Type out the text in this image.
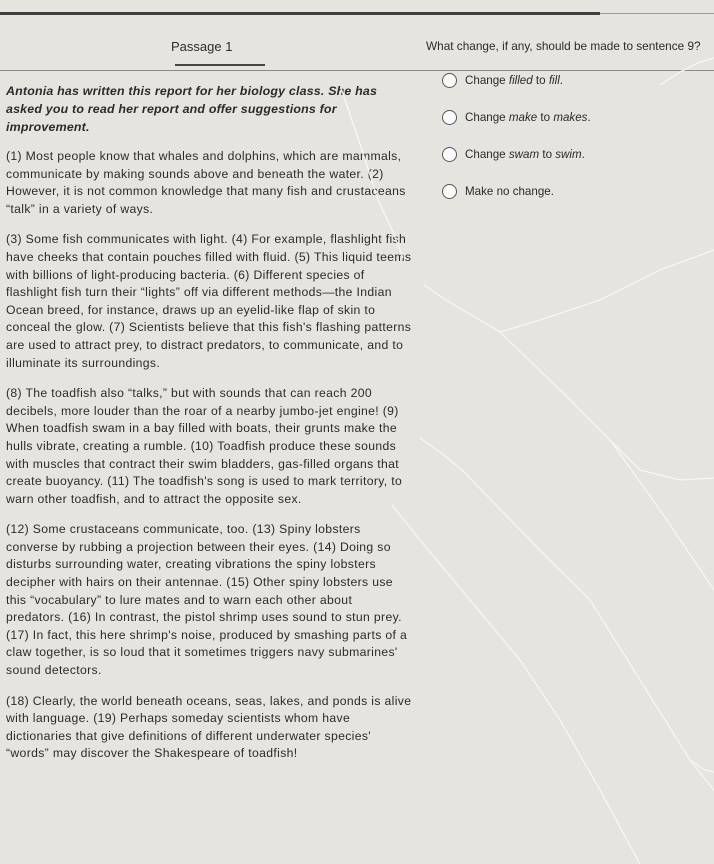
Passage 1

Antonia has written this report for her biology class. She has asked you to read her report and offer suggestions for improvement.

(1) Most people know that whales and dolphins, which are mammals, communicate by making sounds above and beneath the water. (2) However, it is not common knowledge that many fish and crustaceans “talk” in a variety of ways.

(3) Some fish communicates with light. (4) For example, flashlight fish have cheeks that contain pouches filled with fluid. (5) This liquid teems with billions of light-producing bacteria. (6) Different species of flashlight fish turn their “lights” off via different methods—the Indian Ocean breed, for instance, draws up an eyelid-like flap of skin to conceal the glow. (7) Scientists believe that this fish's flashing patterns are used to attract prey, to distract predators, to communicate, and to illuminate its surroundings.

(8) The toadfish also “talks,” but with sounds that can reach 200 decibels, more louder than the roar of a nearby jumbo-jet engine! (9) When toadfish swam in a bay filled with boats, their grunts make the hulls vibrate, creating a rumble. (10) Toadfish produce these sounds with muscles that contract their swim bladders, gas-filled organs that create buoyancy. (11) The toadfish's song is used to mark territory, to warn other toadfish, and to attract the opposite sex.

(12) Some crustaceans communicate, too. (13) Spiny lobsters converse by rubbing a projection between their eyes. (14) Doing so disturbs surrounding water, creating vibrations the spiny lobsters decipher with hairs on their antennae. (15) Other spiny lobsters use this “vocabulary” to lure mates and to warn each other about predators. (16) In contrast, the pistol shrimp uses sound to stun prey. (17) In fact, this here shrimp's noise, produced by smashing parts of a claw together, is so loud that it sometimes triggers navy submarines' sound detectors.

(18) Clearly, the world beneath oceans, seas, lakes, and ponds is alive with language. (19) Perhaps someday scientists whom have dictionaries that give definitions of different underwater species' “words” may discover the Shakespeare of toadfish!

What change, if any, should be made to sentence 9?
Change filled to fill.
Change make to makes.
Change swam to swim.
Make no change.
